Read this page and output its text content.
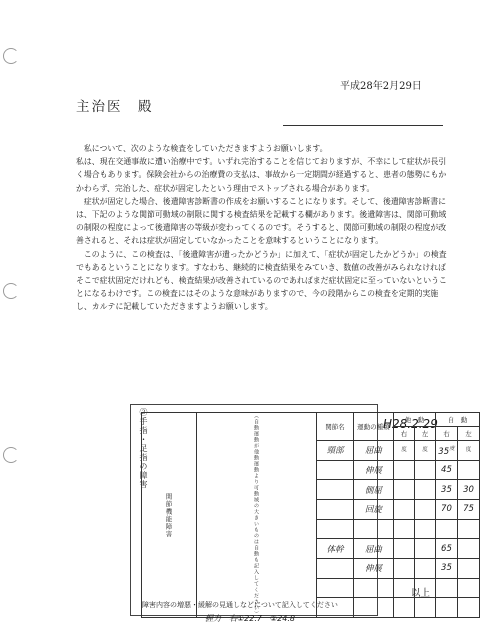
平成28年2月29日
主治医　殿

私について、次のような検査をしていただきますようお願いします。

私は、現在交通事故に遭い治療中です。いずれ完治することを信じておりますが、不幸にして症状が長引く場合もあります。保険会社からの治療費の支払は、事故から一定期間が経過すると、患者の態勢にもかかわらず、完治した、症状が固定したという理由でストップされる場合があります。

症状が固定した場合、後遺障害診断書の作成をお願いすることになります。そして、後遺障害診断書には、下記のような関節可動域の制限に関する検査結果を記載する欄があります。後遺障害は、関節可動域の制限の程度によって後遺障害の等級が変わってくるのです。そうすると、関節可動域の制限の程度が改善されると、それは症状が固定していなかったことを意味するということになります。

このように、この検査は、「後遺障害が遺ったかどうか」に加えて、「症状が固定したかどうか」の検査でもあるということになります。すなわち、継続的に検査結果をみていき、数値の改善がみられなければそこで症状固定だけれども、検査結果が改善されているのであればまだ症状固定に至っていないということになるわけです。この検査にはそのような意味がありますので、今の段階からこの検査を定期的実施し、カルテに記載していただきますようお願いします。

②手指・足指の障害	H28.2.29
関節機能障害	（自動運動が他動運動より可動域の大きいものは自動も記入してください）	関節名	運動の種類	他　動		自　動	
				右	左	右	左
		頸部	屈曲	$^度$	$^度$	$35^度$	$^度$
			伸展			45	
			側屈			35	30
			回旋			70	75

		体幹	屈曲			65	
			伸展			35	

障害内容の増悪・緩解の見通しなどについて記入してください
握力　右①22.7　②24.8
以上
